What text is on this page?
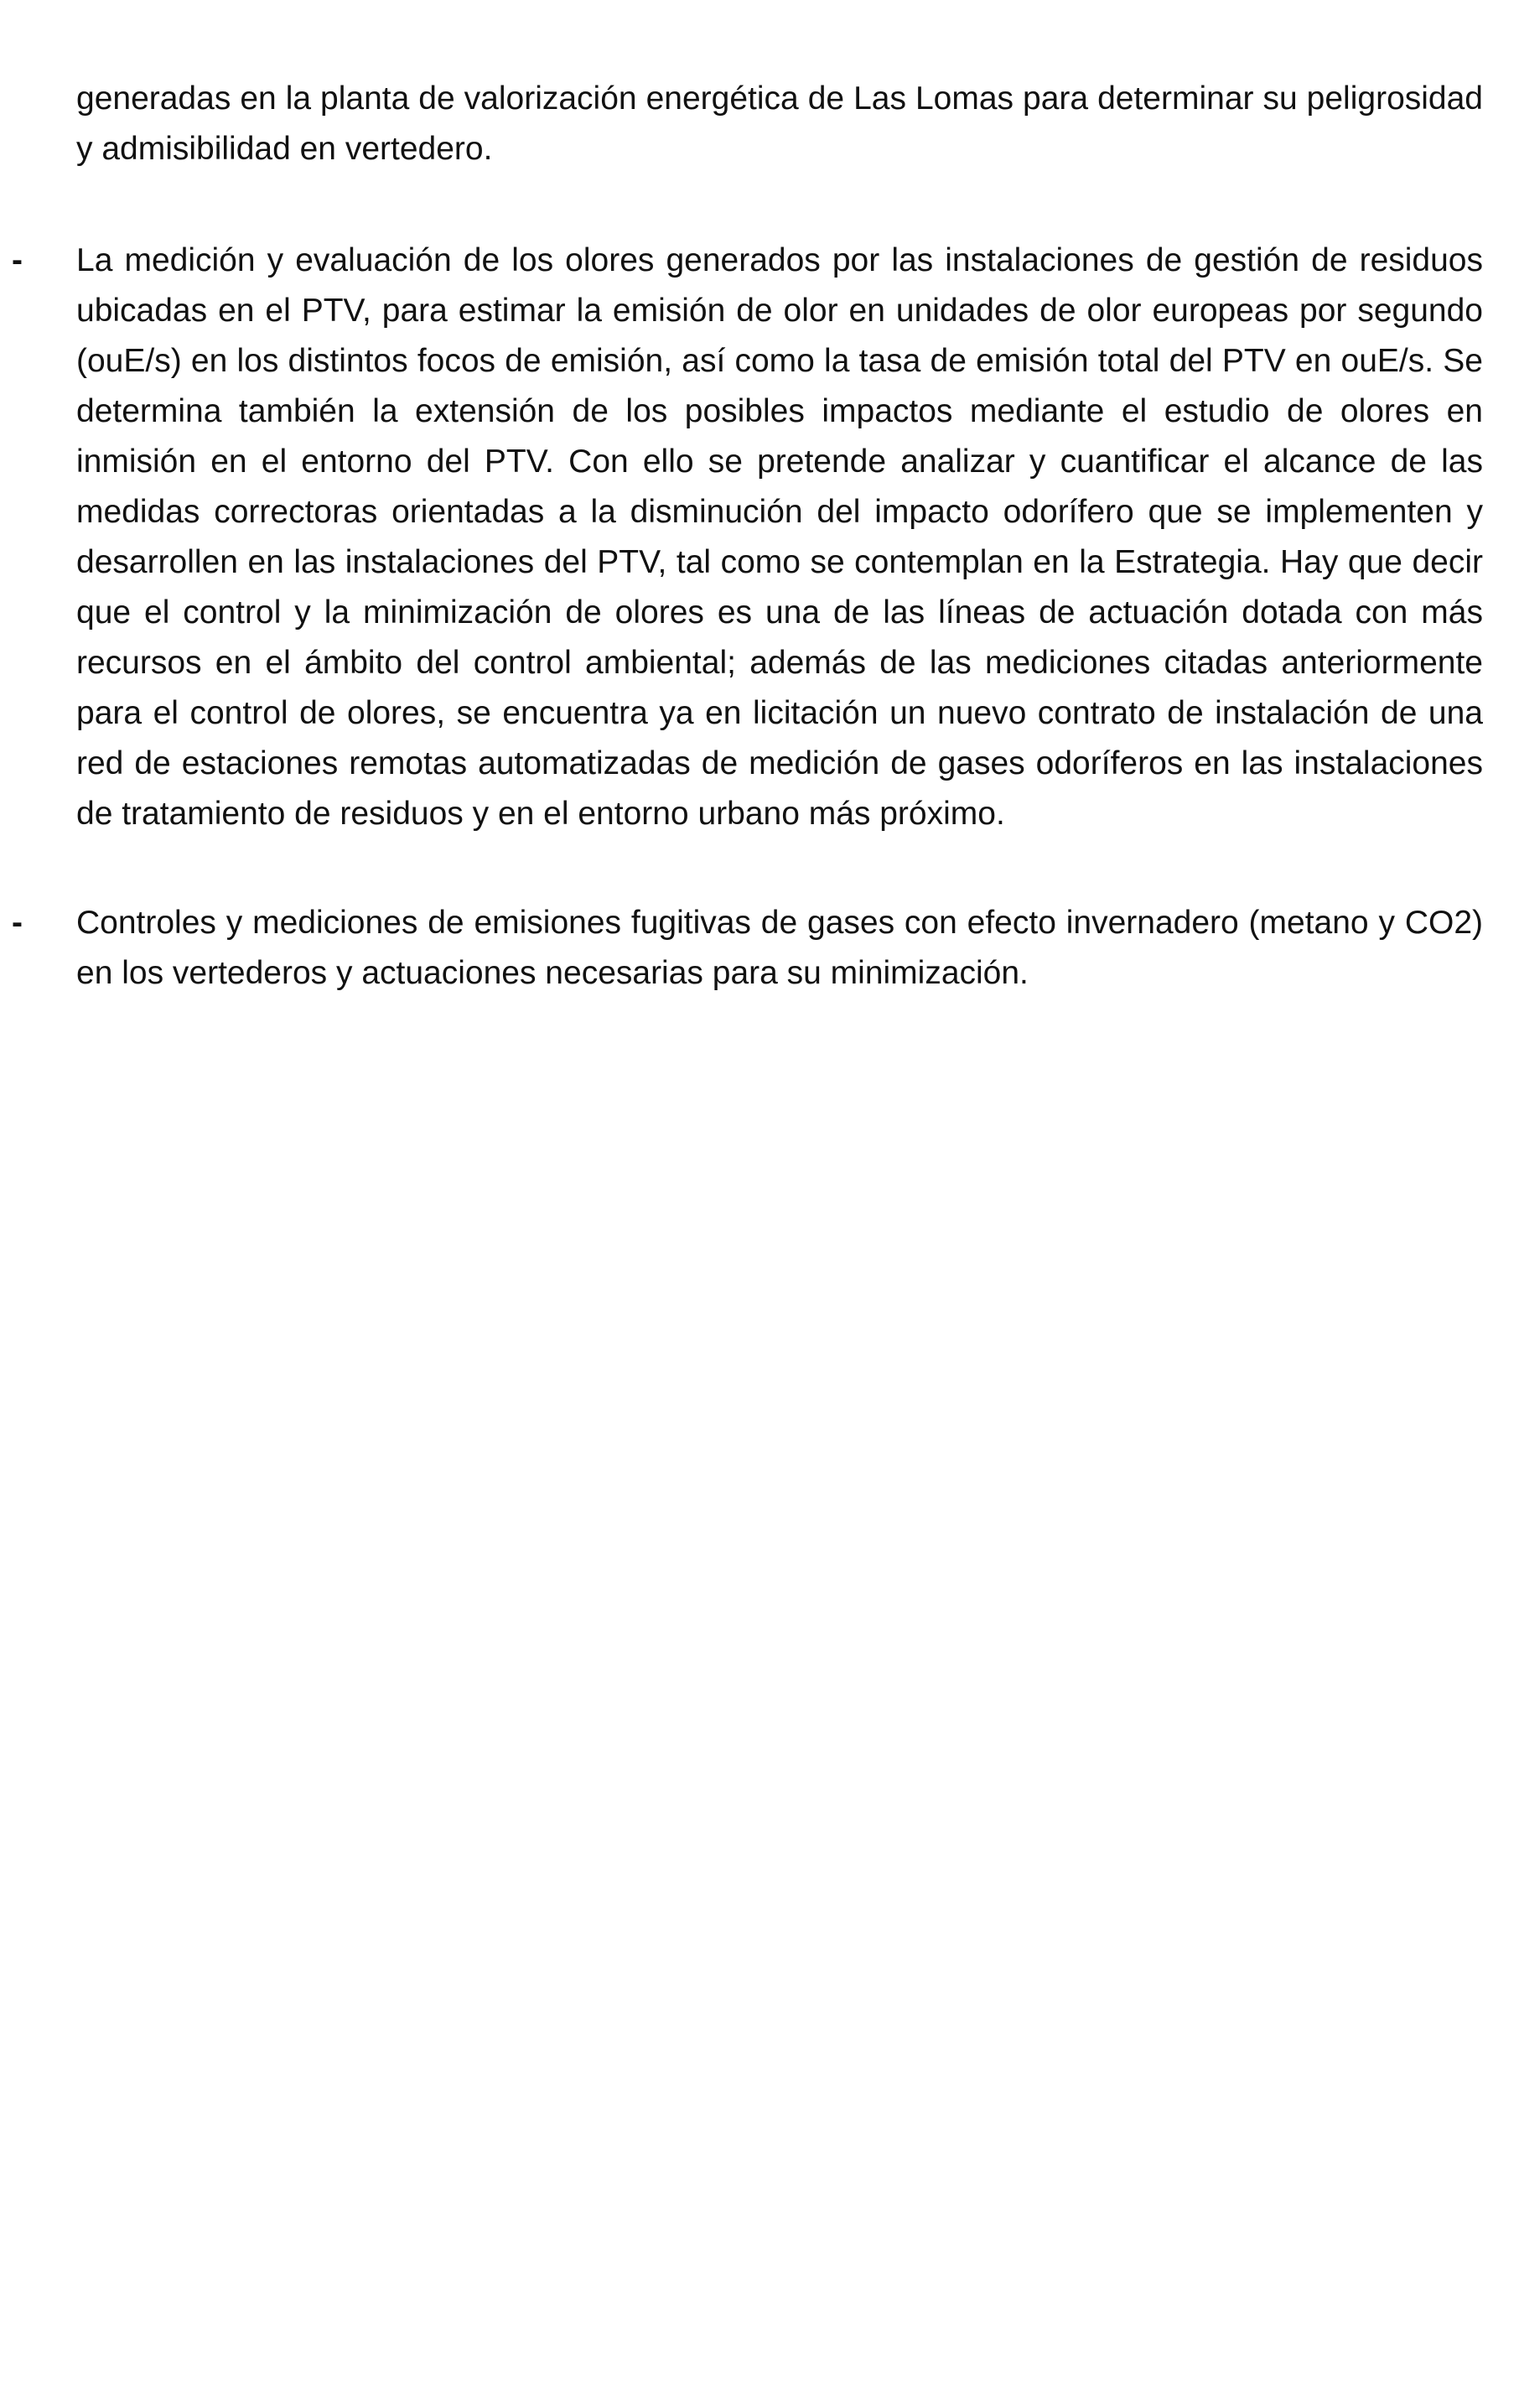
generadas en la planta de valorización energética de Las Lomas para determinar su peligrosidad y admisibilidad en vertedero.

-	La medición y evaluación de los olores generados por las instalaciones de gestión de residuos ubicadas en el PTV, para estimar la emisión de olor en unidades de olor europeas por segundo (ouE/s) en los distintos focos de emisión, así como la tasa de emisión total del PTV en ouE/s. Se determina también la extensión de los posibles impactos mediante el estudio de olores en inmisión en el entorno del PTV. Con ello se pretende analizar y cuantificar el alcance de las medidas correctoras orientadas a la disminución del impacto odorífero que se implementen y desarrollen en las instalaciones del PTV, tal como se contemplan en la Estrategia. Hay que decir que el control y la minimización de olores es una de las líneas de actuación dotada con más recursos en el ámbito del control ambiental; además de las mediciones citadas anteriormente para el control de olores, se encuentra ya en licitación un nuevo contrato de instalación de una red de estaciones remotas automatizadas de medición de gases odoríferos en las instalaciones de tratamiento de residuos y en el entorno urbano más próximo.

-	Controles y mediciones de emisiones fugitivas de gases con efecto invernadero (metano y CO2) en los vertederos y actuaciones necesarias para su minimización.
